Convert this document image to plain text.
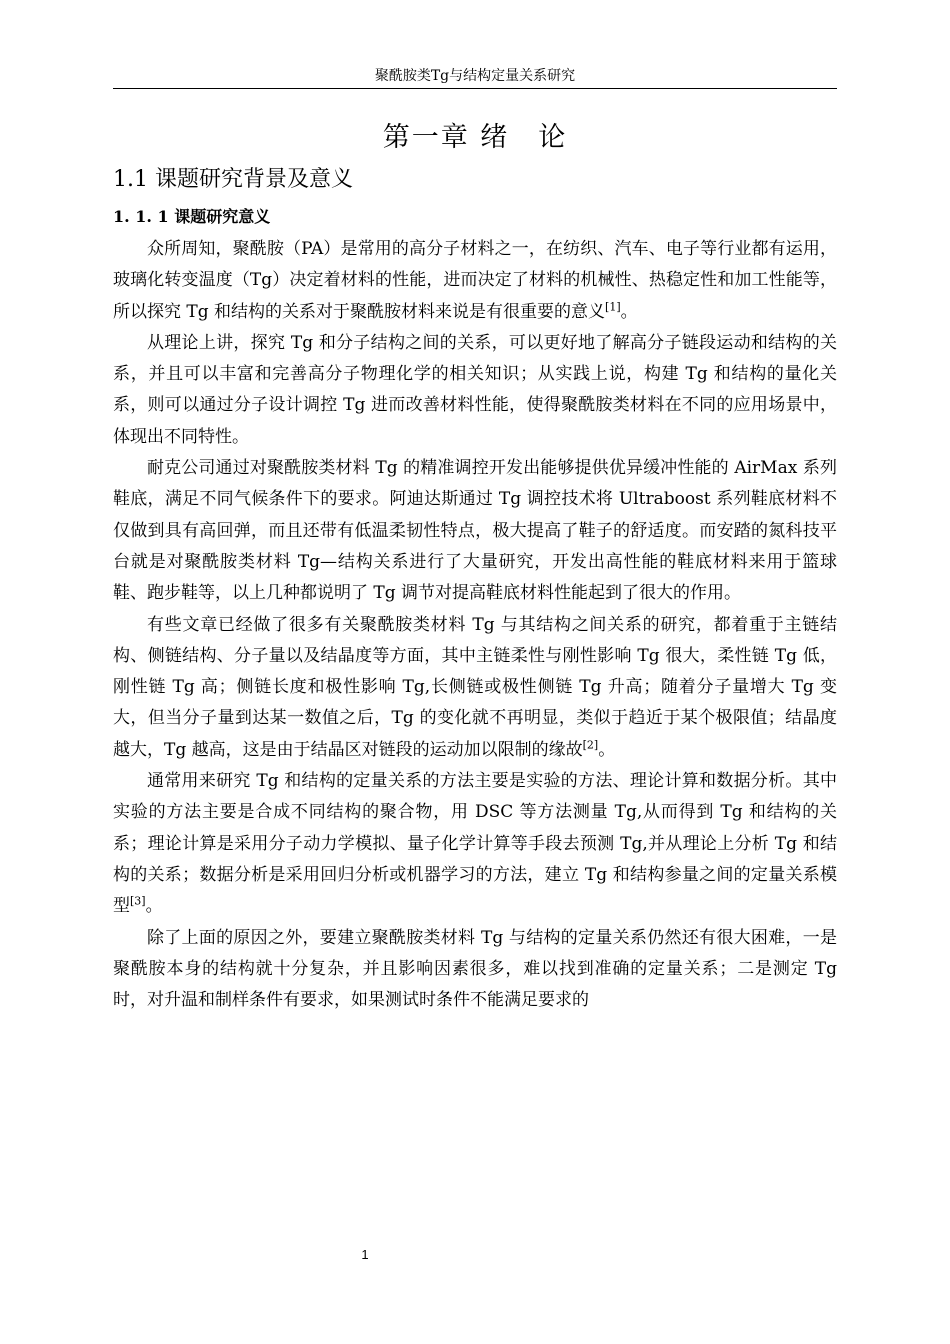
聚酰胺类Tg与结构定量关系研究
第一章 绪　论
1.1 课题研究背景及意义
1. 1. 1 课题研究意义

众所周知，聚酰胺（PA）是常用的高分子材料之一，在纺织、汽车、电子等行业都有运用，玻璃化转变温度（Tg）决定着材料的性能，进而决定了材料的机械性、热稳定性和加工性能等，所以探究 Tg 和结构的关系对于聚酰胺材料来说是有很重要的意义[1]。

从理论上讲，探究 Tg 和分子结构之间的关系，可以更好地了解高分子链段运动和结构的关系，并且可以丰富和完善高分子物理化学的相关知识；从实践上说，构建 Tg 和结构的量化关系，则可以通过分子设计调控 Tg 进而改善材料性能，使得聚酰胺类材料在不同的应用场景中，体现出不同特性。

耐克公司通过对聚酰胺类材料 Tg 的精准调控开发出能够提供优异缓冲性能的 AirMax 系列鞋底，满足不同气候条件下的要求。阿迪达斯通过 Tg 调控技术将 Ultraboost 系列鞋底材料不仅做到具有高回弹，而且还带有低温柔韧性特点，极大提高了鞋子的舒适度。而安踏的氮科技平台就是对聚酰胺类材料 Tg—结构关系进行了大量研究，开发出高性能的鞋底材料来用于篮球鞋、跑步鞋等，以上几种都说明了 Tg 调节对提高鞋底材料性能起到了很大的作用。

有些文章已经做了很多有关聚酰胺类材料 Tg 与其结构之间关系的研究，都着重于主链结构、侧链结构、分子量以及结晶度等方面，其中主链柔性与刚性影响 Tg 很大，柔性链 Tg 低，刚性链 Tg 高；侧链长度和极性影响 Tg,长侧链或极性侧链 Tg 升高；随着分子量增大 Tg 变大，但当分子量到达某一数值之后，Tg 的变化就不再明显，类似于趋近于某个极限值；结晶度越大，Tg 越高，这是由于结晶区对链段的运动加以限制的缘故[2]。

通常用来研究 Tg 和结构的定量关系的方法主要是实验的方法、理论计算和数据分析。其中实验的方法主要是合成不同结构的聚合物，用 DSC 等方法测量 Tg,从而得到 Tg 和结构的关系；理论计算是采用分子动力学模拟、量子化学计算等手段去预测 Tg,并从理论上分析 Tg 和结构的关系；数据分析是采用回归分析或机器学习的方法，建立 Tg 和结构参量之间的定量关系模型[3]。

除了上面的原因之外，要建立聚酰胺类材料 Tg 与结构的定量关系仍然还有很大困难，一是聚酰胺本身的结构就十分复杂，并且影响因素很多，难以找到准确的定量关系；二是测定 Tg 时，对升温和制样条件有要求，如果测试时条件不能满足要求的

1
